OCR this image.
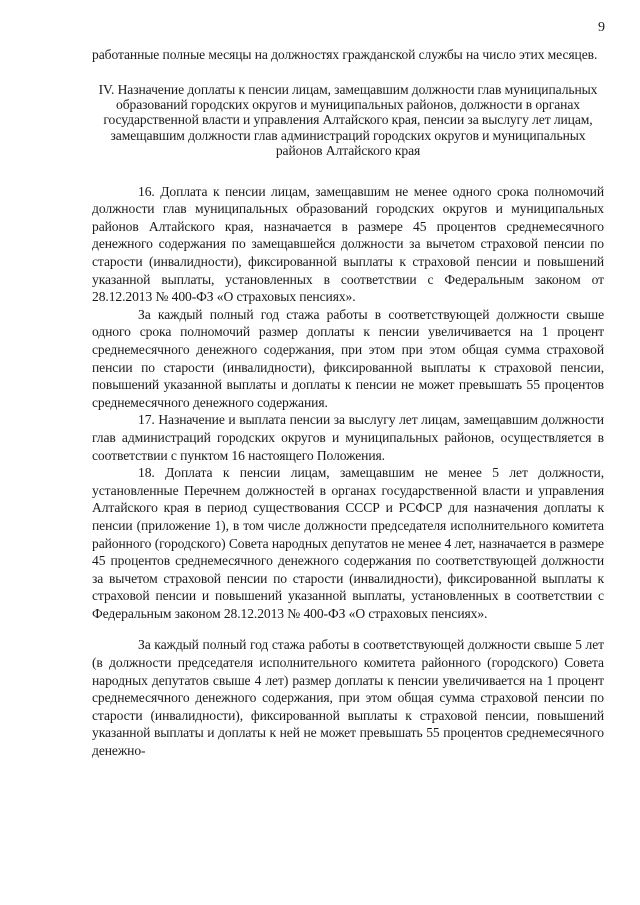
9

работанные полные месяцы на должностях гражданской службы на число этих месяцев.

IV. Назначение доплаты к пенсии лицам, замещавшим должности глав муниципальных образований городских округов и муниципальных районов, должности в органах государственной власти и управления Алтайского края, пенсии за выслугу лет лицам, замещавшим должности глав администраций городских округов и муниципальных районов Алтайского края

16. Доплата к пенсии лицам, замещавшим не менее одного срока полномочий должности глав муниципальных образований городских округов и муниципальных районов Алтайского края, назначается в размере 45 процентов среднемесячного денежного содержания по замещавшейся должности за вычетом страховой пенсии по старости (инвалидности), фиксированной выплаты к страховой пенсии и повышений указанной выплаты, установленных в соответствии с Федеральным законом от 28.12.2013 № 400-ФЗ «О страховых пенсиях».

За каждый полный год стажа работы в соответствующей должности свыше одного срока полномочий размер доплаты к пенсии увеличивается на 1 процент среднемесячного денежного содержания, при этом при этом общая сумма страховой пенсии по старости (инвалидности), фиксированной выплаты к страховой пенсии, повышений указанной выплаты и доплаты к пенсии не может превышать 55 процентов среднемесячного денежного содержания.

17. Назначение и выплата пенсии за выслугу лет лицам, замещавшим должности глав администраций городских округов и муниципальных районов, осуществляется в соответствии с пунктом 16 настоящего Положения.

18. Доплата к пенсии лицам, замещавшим не менее 5 лет должности, установленные Перечнем должностей в органах государственной власти и управления Алтайского края в период существования СССР и РСФСР для назначения доплаты к пенсии (приложение 1), в том числе должности председателя исполнительного комитета районного (городского) Совета народных депутатов не менее 4 лет, назначается в размере 45 процентов среднемесячного денежного содержания по соответствующей должности за вычетом страховой пенсии по старости (инвалидности), фиксированной выплаты к страховой пенсии и повышений указанной выплаты, установленных в соответствии с Федеральным законом 28.12.2013 № 400-ФЗ «О страховых пенсиях».

За каждый полный год стажа работы в соответствующей должности свыше 5 лет (в должности председателя исполнительного комитета районного (городского) Совета народных депутатов свыше 4 лет) размер доплаты к пенсии увеличивается на 1 процент среднемесячного денежного содержания, при этом общая сумма страховой пенсии по старости (инвалидности), фиксированной выплаты к страховой пенсии, повышений указанной выплаты и доплаты к ней не может превышать 55 процентов среднемесячного денежно-
